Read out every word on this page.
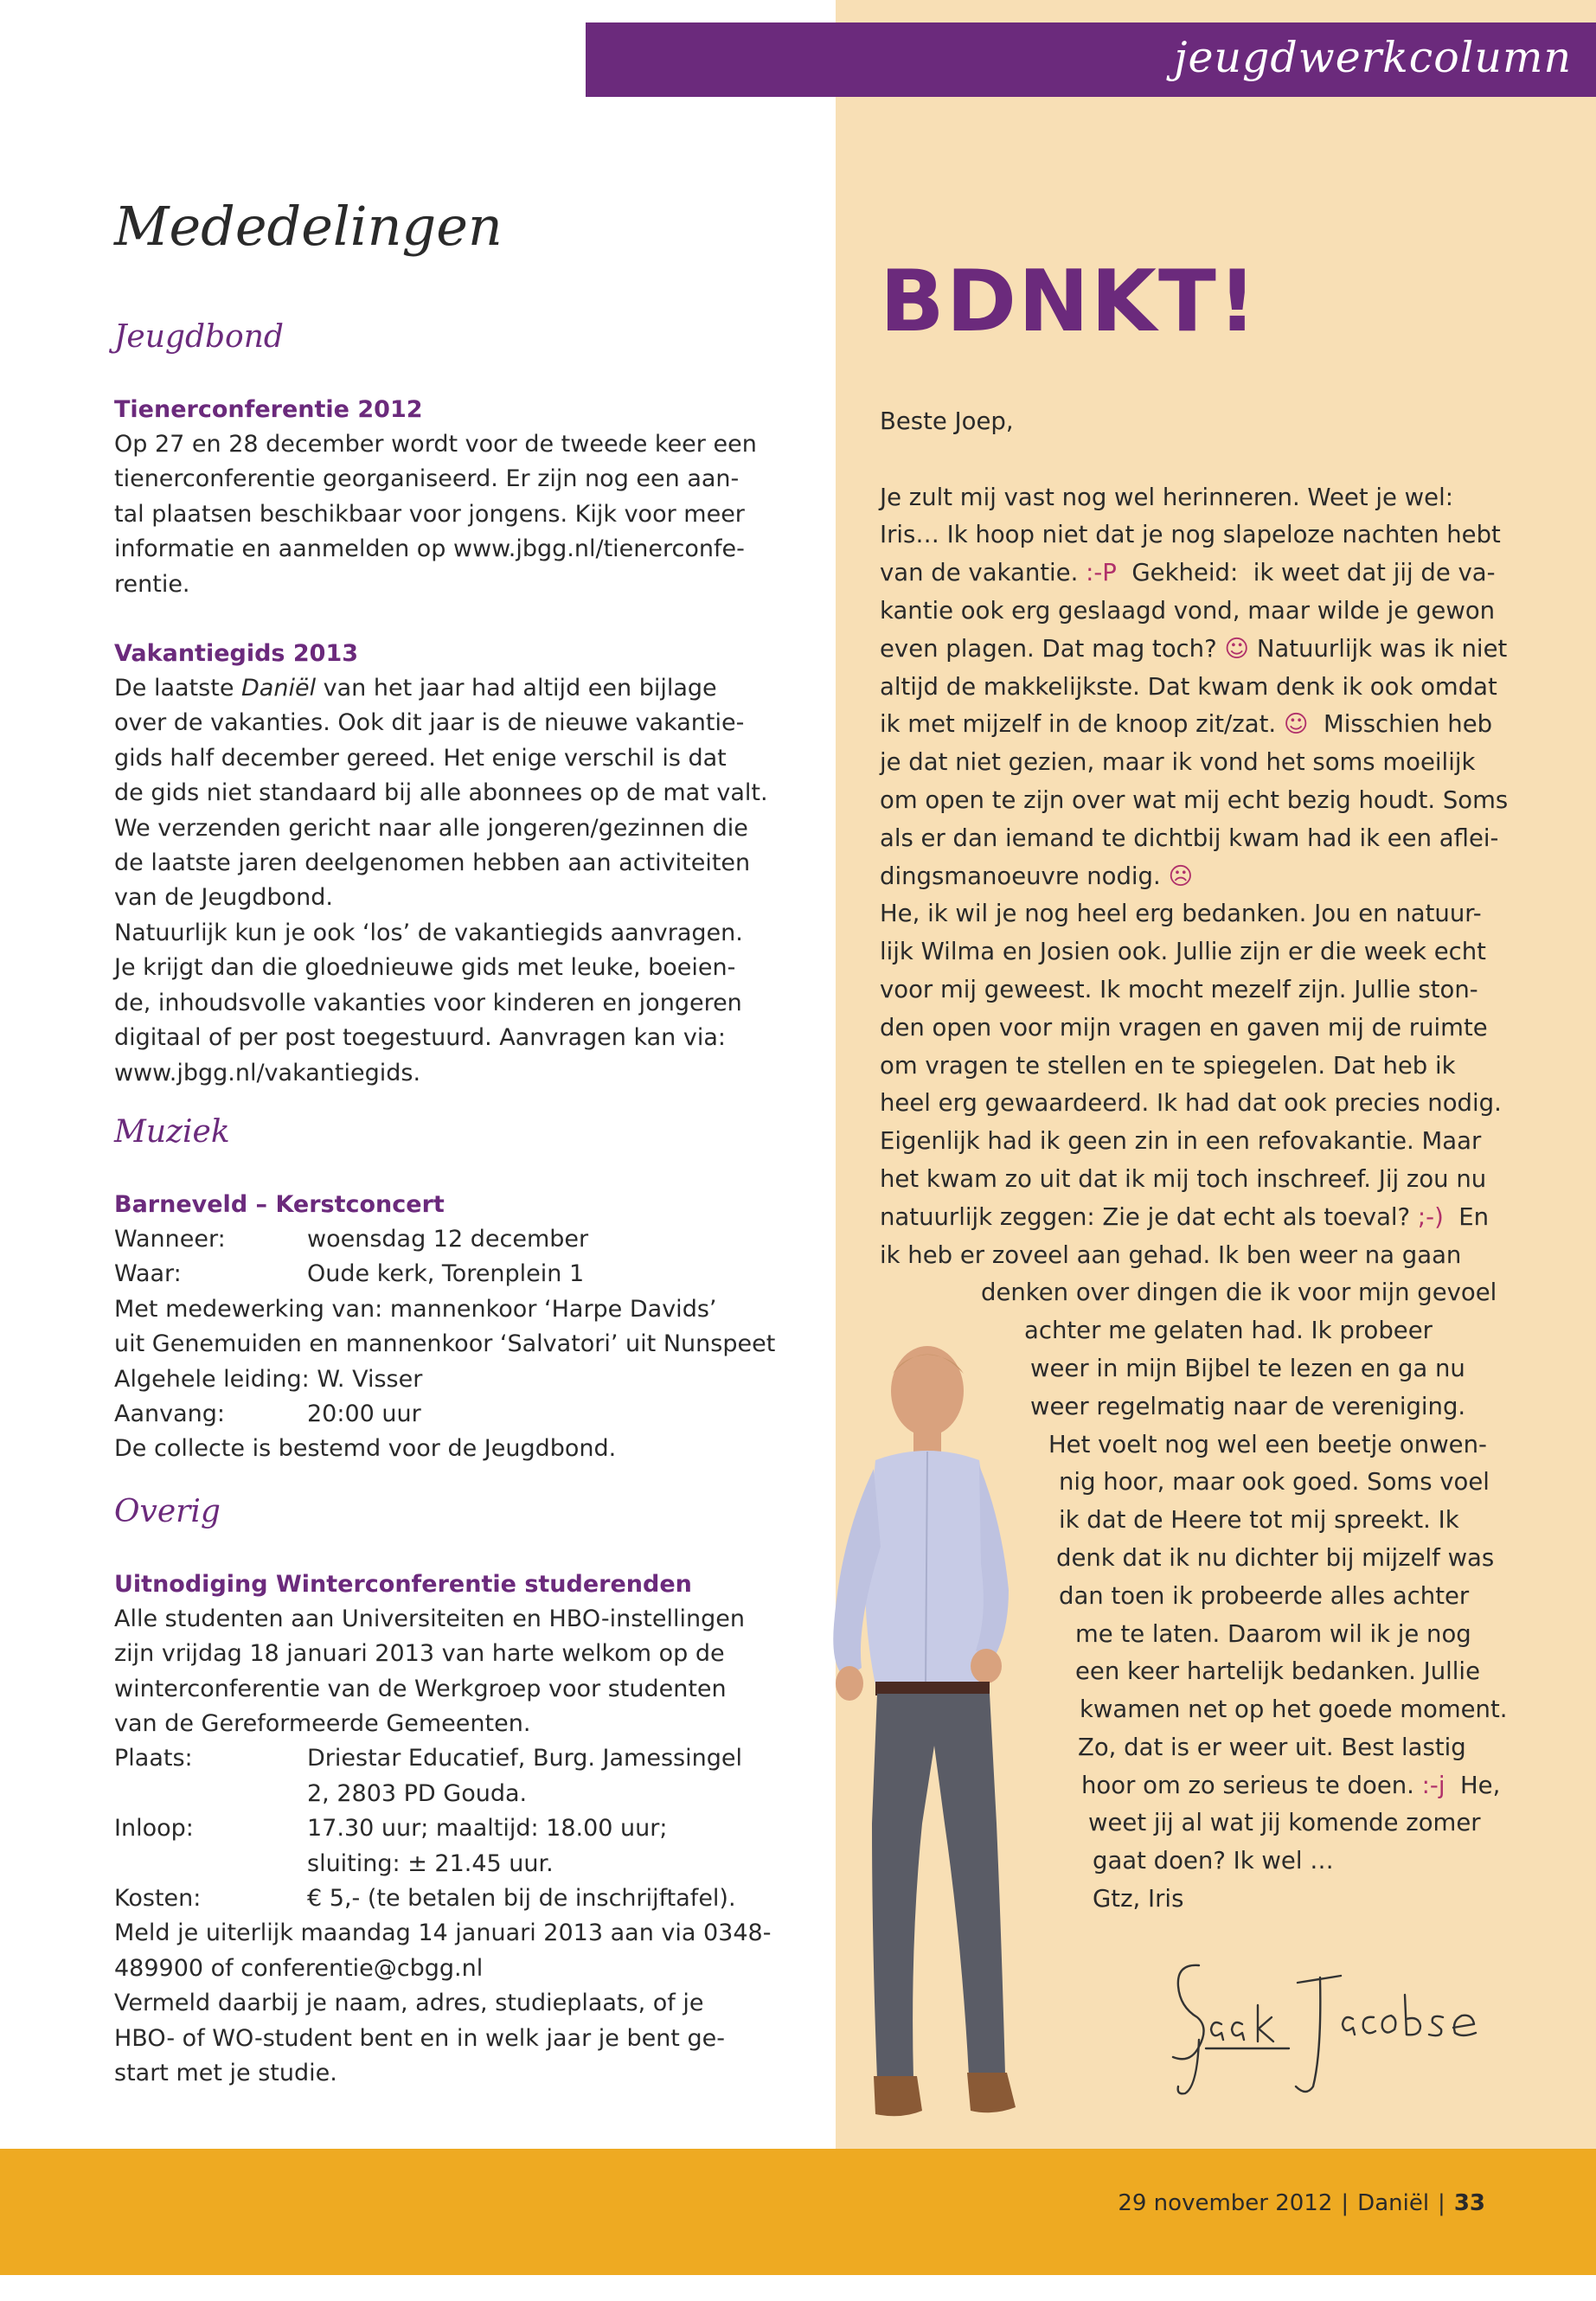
jeugdwerkcolumn
Mededelingen
Jeugdbond
Tienerconferentie 2012

Op 27 en 28 december wordt voor de tweede keer een
tienerconferentie georganiseerd. Er zijn nog een aan-
tal plaatsen beschikbaar voor jongens. Kijk voor meer
informatie en aanmelden op www.jbgg.nl/tienerconfe-
rentie.

Vakantiegids 2013

De laatste Daniël van het jaar had altijd een bijlage
over de vakanties. Ook dit jaar is de nieuwe vakantie-
gids half december gereed. Het enige verschil is dat
de gids niet standaard bij alle abonnees op de mat valt.
We verzenden gericht naar alle jongeren/gezinnen die
de laatste jaren deelgenomen hebben aan activiteiten
van de Jeugdbond.
Natuurlijk kun je ook ‘los’ de vakantiegids aanvragen.
Je krijgt dan die gloednieuwe gids met leuke, boeien-
de, inhoudsvolle vakanties voor kinderen en jongeren
digitaal of per post toegestuurd. Aanvragen kan via:
www.jbgg.nl/vakantiegids.

Muziek
Barneveld – Kerstconcert
Wanneer:	woensdag 12 december
Waar:	Oude kerk, Torenplein 1

Met medewerking van: mannenkoor ‘Harpe Davids’
uit Genemuiden en mannenkoor ‘Salvatori’ uit Nunspeet
Algehele leiding: W. Visser

Aanvang:	20:00 uur

De collecte is bestemd voor de Jeugdbond.

Overig
Uitnodiging Winterconferentie studerenden

Alle studenten aan Universiteiten en HBO-instellingen
zijn vrijdag 18 januari 2013 van harte welkom op de
winterconferentie van de Werkgroep voor studenten
van de Gereformeerde Gemeenten.

Plaats:	Driestar Educatief, Burg. Jamessingel
2, 2803 PD Gouda.
Inloop:	17.30 uur; maaltijd: 18.00 uur;
sluiting: ± 21.45 uur.
Kosten:	€ 5,- (te betalen bij de inschrijftafel).

Meld je uiterlijk maandag 14 januari 2013 aan via 0348-
489900 of conferentie@cbgg.nl
Vermeld daarbij je naam, adres, studieplaats, of je
HBO- of WO-student bent en in welk jaar je bent ge-
start met je studie.

BDNKT!
Beste Joep,
Je zult mij vast nog wel herinneren. Weet je wel:
Iris… Ik hoop niet dat je nog slapeloze nachten hebt
van de vakantie. :-P  Gekheid:  ik weet dat jij de va-
kantie ook erg geslaagd vond, maar wilde je gewon
even plagen. Dat mag toch? ☺ Natuurlijk was ik niet
altijd de makkelijkste. Dat kwam denk ik ook omdat
ik met mijzelf in de knoop zit/zat. ☺  Misschien heb
je dat niet gezien, maar ik vond het soms moeilijk
om open te zijn over wat mij echt bezig houdt. Soms
als er dan iemand te dichtbij kwam had ik een aflei-
dingsmanoeuvre nodig. ☹
He, ik wil je nog heel erg bedanken. Jou en natuur-
lijk Wilma en Josien ook. Jullie zijn er die week echt
voor mij geweest. Ik mocht mezelf zijn. Jullie ston-
den open voor mijn vragen en gaven mij de ruimte
om vragen te stellen en te spiegelen. Dat heb ik
heel erg gewaardeerd. Ik had dat ook precies nodig.
Eigenlijk had ik geen zin in een refovakantie. Maar
het kwam zo uit dat ik mij toch inschreef. Jij zou nu
natuurlijk zeggen: Zie je dat echt als toeval? ;-)  En
ik heb er zoveel aan gehad. Ik ben weer na gaan
denken over dingen die ik voor mijn gevoel
achter me gelaten had. Ik probeer
weer in mijn Bijbel te lezen en ga nu
weer regelmatig naar de vereniging.
Het voelt nog wel een beetje onwen-
nig hoor, maar ook goed. Soms voel
ik dat de Heere tot mij spreekt. Ik
denk dat ik nu dichter bij mijzelf was
dan toen ik probeerde alles achter
me te laten. Daarom wil ik je nog
een keer hartelijk bedanken. Jullie
kwamen net op het goede moment.
Zo, dat is er weer uit. Best lastig
hoor om zo serieus te doen. :-j  He,
weet jij al wat jij komende zomer
gaat doen? Ik wel …
Gtz, Iris
29 november 2012 | Daniël | 33
